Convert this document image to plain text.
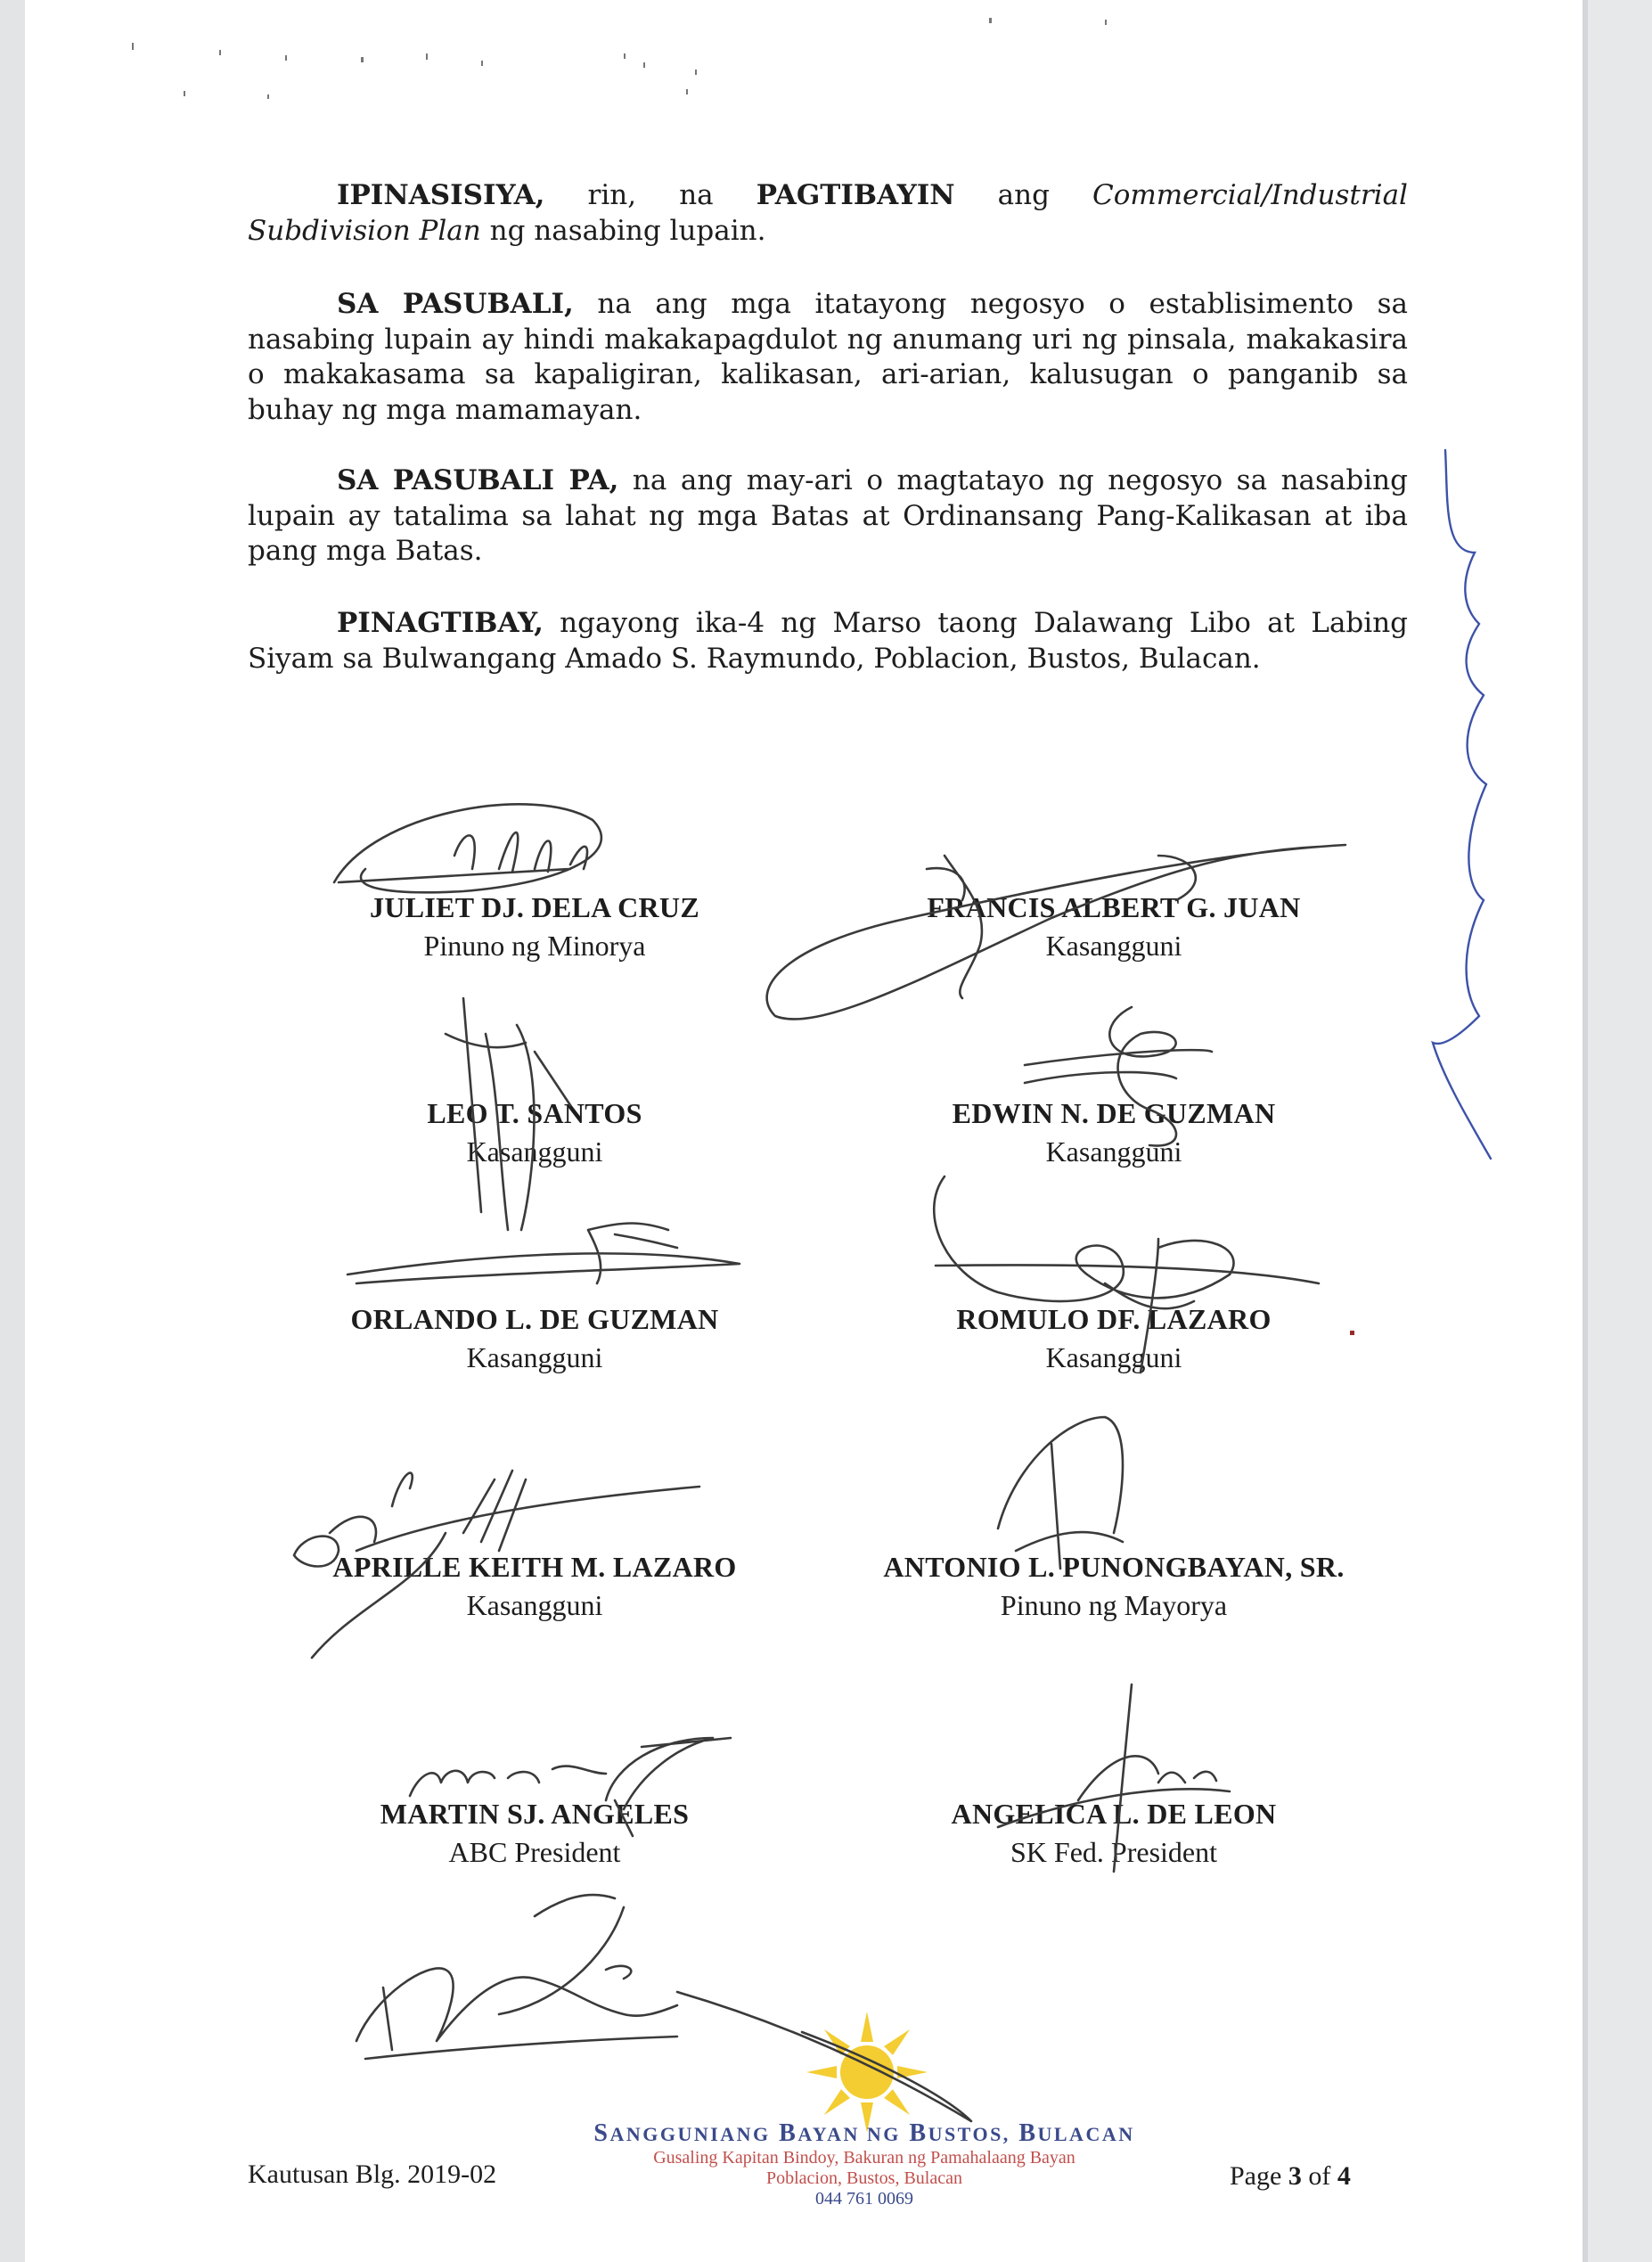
IPINASISIYA, rin, na PAGTIBAYIN ang Commercial/Industrial Subdivision Plan ng nasabing lupain.

SA PASUBALI, na ang mga itatayong negosyo o establisimento sa nasabing lupain ay hindi makakapagdulot ng anumang uri ng pinsala, makakasira o makakasama sa kapaligiran, kalikasan, ari-arian, kalusugan o panganib sa buhay ng mga mamamayan.

SA PASUBALI PA, na ang may-ari o magtatayo ng negosyo sa nasabing lupain ay tatalima sa lahat ng mga Batas at Ordinansang Pang-Kalikasan at iba pang mga Batas.

PINAGTIBAY, ngayong ika-4 ng Marso taong Dalawang Libo at Labing Siyam sa Bulwangang Amado S. Raymundo, Poblacion, Bustos, Bulacan.

JULIET DJ. DELA CRUZ
Pinuno ng Minorya
FRANCIS ALBERT G. JUAN
Kasangguni
LEO T. SANTOS
Kasangguni
EDWIN N. DE GUZMAN
Kasangguni
ORLANDO L. DE GUZMAN
Kasangguni
ROMULO DF. LAZARO
Kasangguni
APRILLE KEITH M. LAZARO
Kasangguni
ANTONIO L. PUNONGBAYAN, SR.
Pinuno ng Mayorya
MARTIN SJ. ANGELES
ABC President
ANGELICA L. DE LEON
SK Fed. President
SANGGUNIANG BAYAN NG BUSTOS, BULACAN
Gusaling Kapitan Bindoy, Bakuran ng Pamahalaang Bayan
Poblacion, Bustos, Bulacan
044 761 0069
Kautusan Blg. 2019-02	Page 3 of 4
